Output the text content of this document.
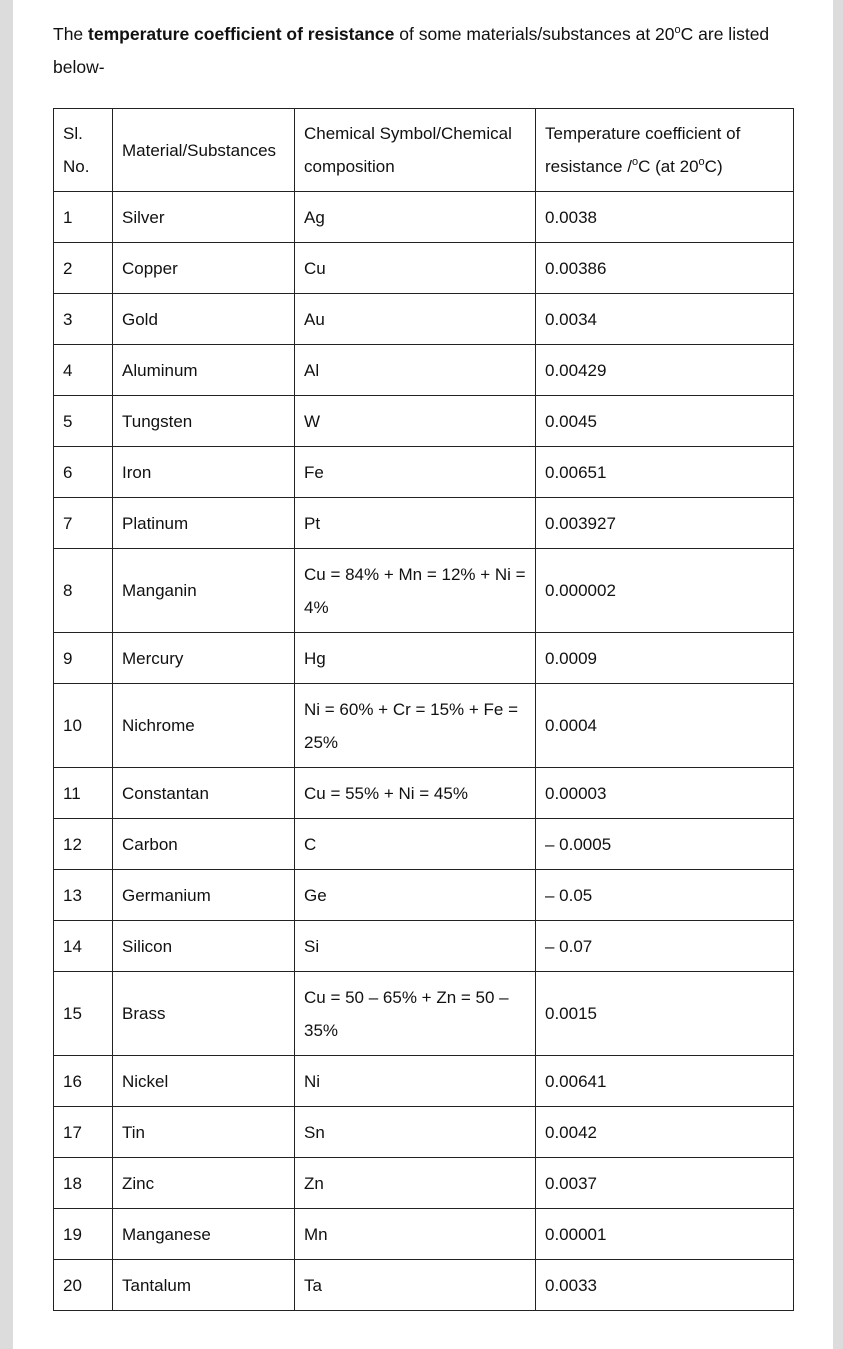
The temperature coefficient of resistance of some materials/substances at 20$^o$C are listed below-

Sl. No.	Material/Substances	Chemical Symbol/Chemical composition	Temperature coefficient of resistance /$^o$C (at 20$^o$C)
1	Silver	Ag	0.0038
2	Copper	Cu	0.00386
3	Gold	Au	0.0034
4	Aluminum	Al	0.00429
5	Tungsten	W	0.0045
6	Iron	Fe	0.00651
7	Platinum	Pt	0.003927
8	Manganin	Cu = 84% + Mn = 12% + Ni = 4%	0.000002
9	Mercury	Hg	0.0009
10	Nichrome	Ni = 60% + Cr = 15% + Fe = 25%	0.0004
11	Constantan	Cu = 55% + Ni = 45%	0.00003
12	Carbon	C	– 0.0005
13	Germanium	Ge	– 0.05
14	Silicon	Si	– 0.07
15	Brass	Cu = 50 – 65% + Zn = 50 – 35%	0.0015
16	Nickel	Ni	0.00641
17	Tin	Sn	0.0042
18	Zinc	Zn	0.0037
19	Manganese	Mn	0.00001
20	Tantalum	Ta	0.0033
